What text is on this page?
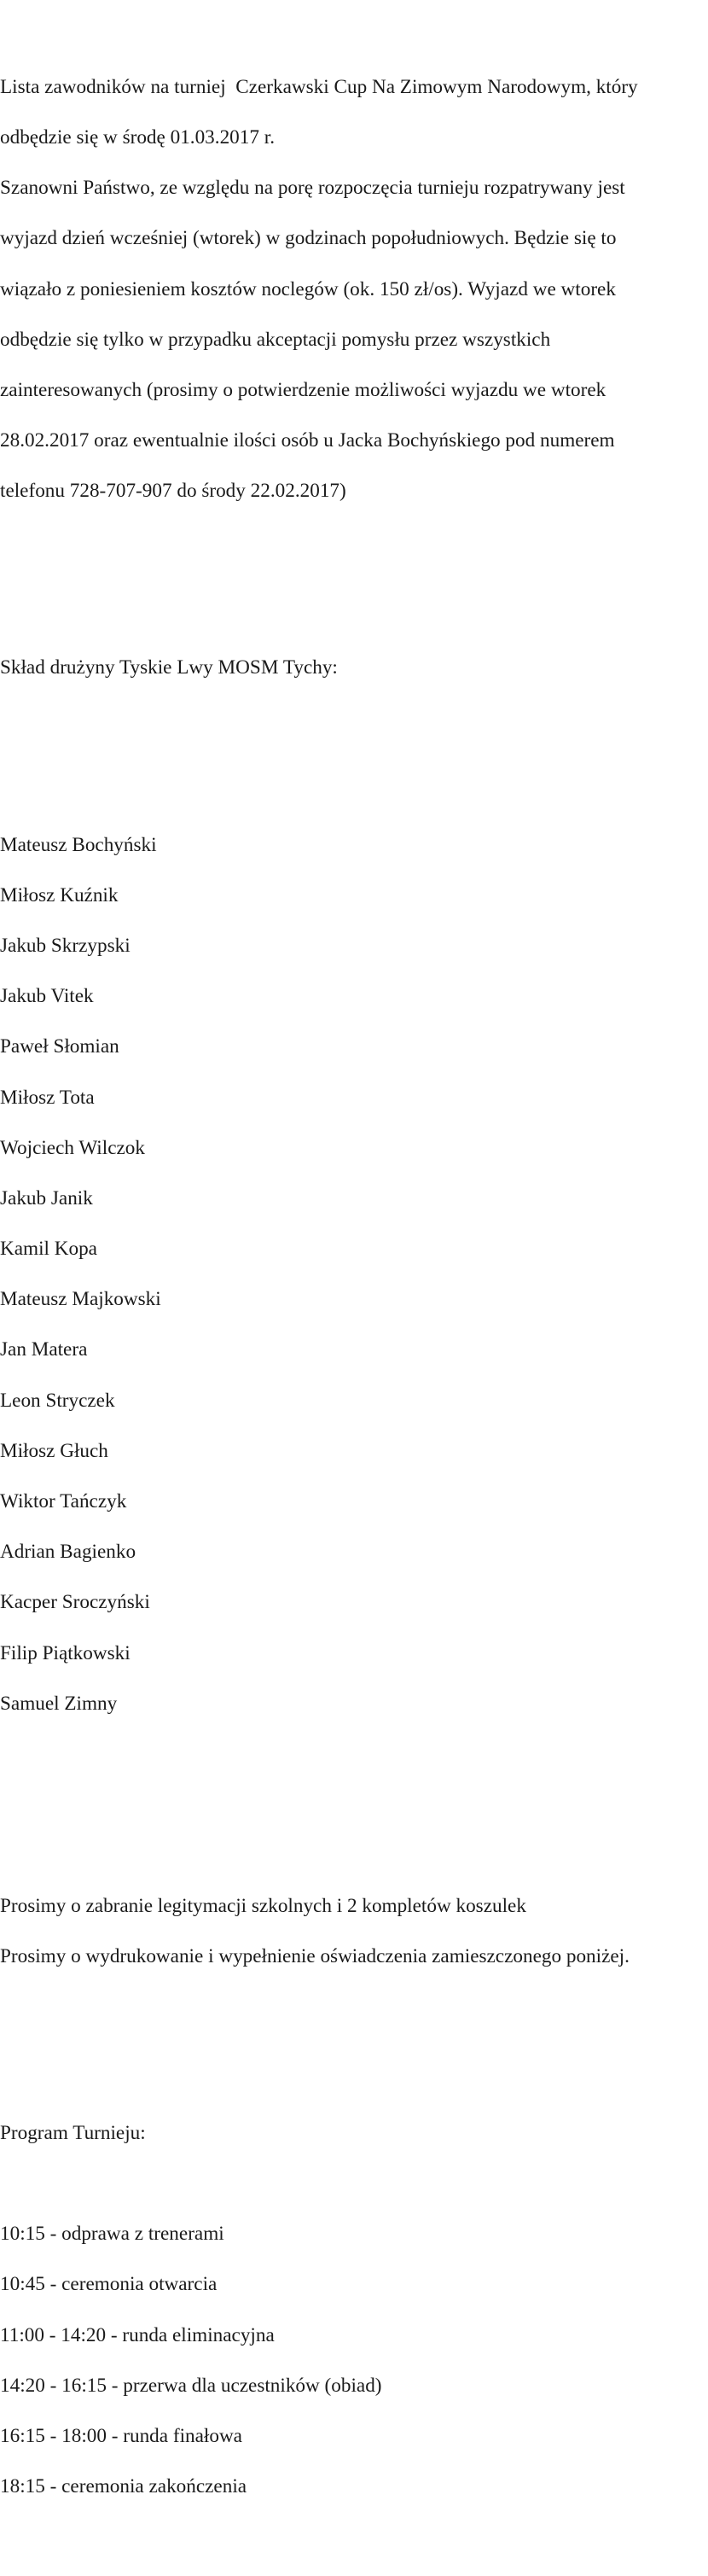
Lista zawodników na turniej  Czerkawski Cup Na Zimowym Narodowym, który

odbędzie się w środę 01.03.2017 r.

Szanowni Państwo, ze względu na porę rozpoczęcia turnieju rozpatrywany jest

wyjazd dzień wcześniej (wtorek) w godzinach popołudniowych. Będzie się to

wiązało z poniesieniem kosztów noclegów (ok. 150 zł/os). Wyjazd we wtorek

odbędzie się tylko w przypadku akceptacji pomysłu przez wszystkich

zainteresowanych (prosimy o potwierdzenie możliwości wyjazdu we wtorek

28.02.2017 oraz ewentualnie ilości osób u Jacka Bochyńskiego pod numerem

telefonu 728-707-907 do środy 22.02.2017)

Skład drużyny Tyskie Lwy MOSM Tychy:

Mateusz Bochyński

Miłosz Kuźnik

Jakub Skrzypski

Jakub Vitek

Paweł Słomian

Miłosz Tota

Wojciech Wilczok

Jakub Janik

Kamil Kopa

Mateusz Majkowski

Jan Matera

Leon Stryczek

Miłosz Głuch

Wiktor Tańczyk

Adrian Bagienko

Kacper Sroczyński

Filip Piątkowski

Samuel Zimny

Prosimy o zabranie legitymacji szkolnych i 2 kompletów koszulek

Prosimy o wydrukowanie i wypełnienie oświadczenia zamieszczonego poniżej.

Program Turnieju:

10:15 - odprawa z trenerami

10:45 - ceremonia otwarcia

11:00 - 14:20 - runda eliminacyjna

14:20 - 16:15 - przerwa dla uczestników (obiad)

16:15 - 18:00 - runda finałowa

18:15 - ceremonia zakończenia
